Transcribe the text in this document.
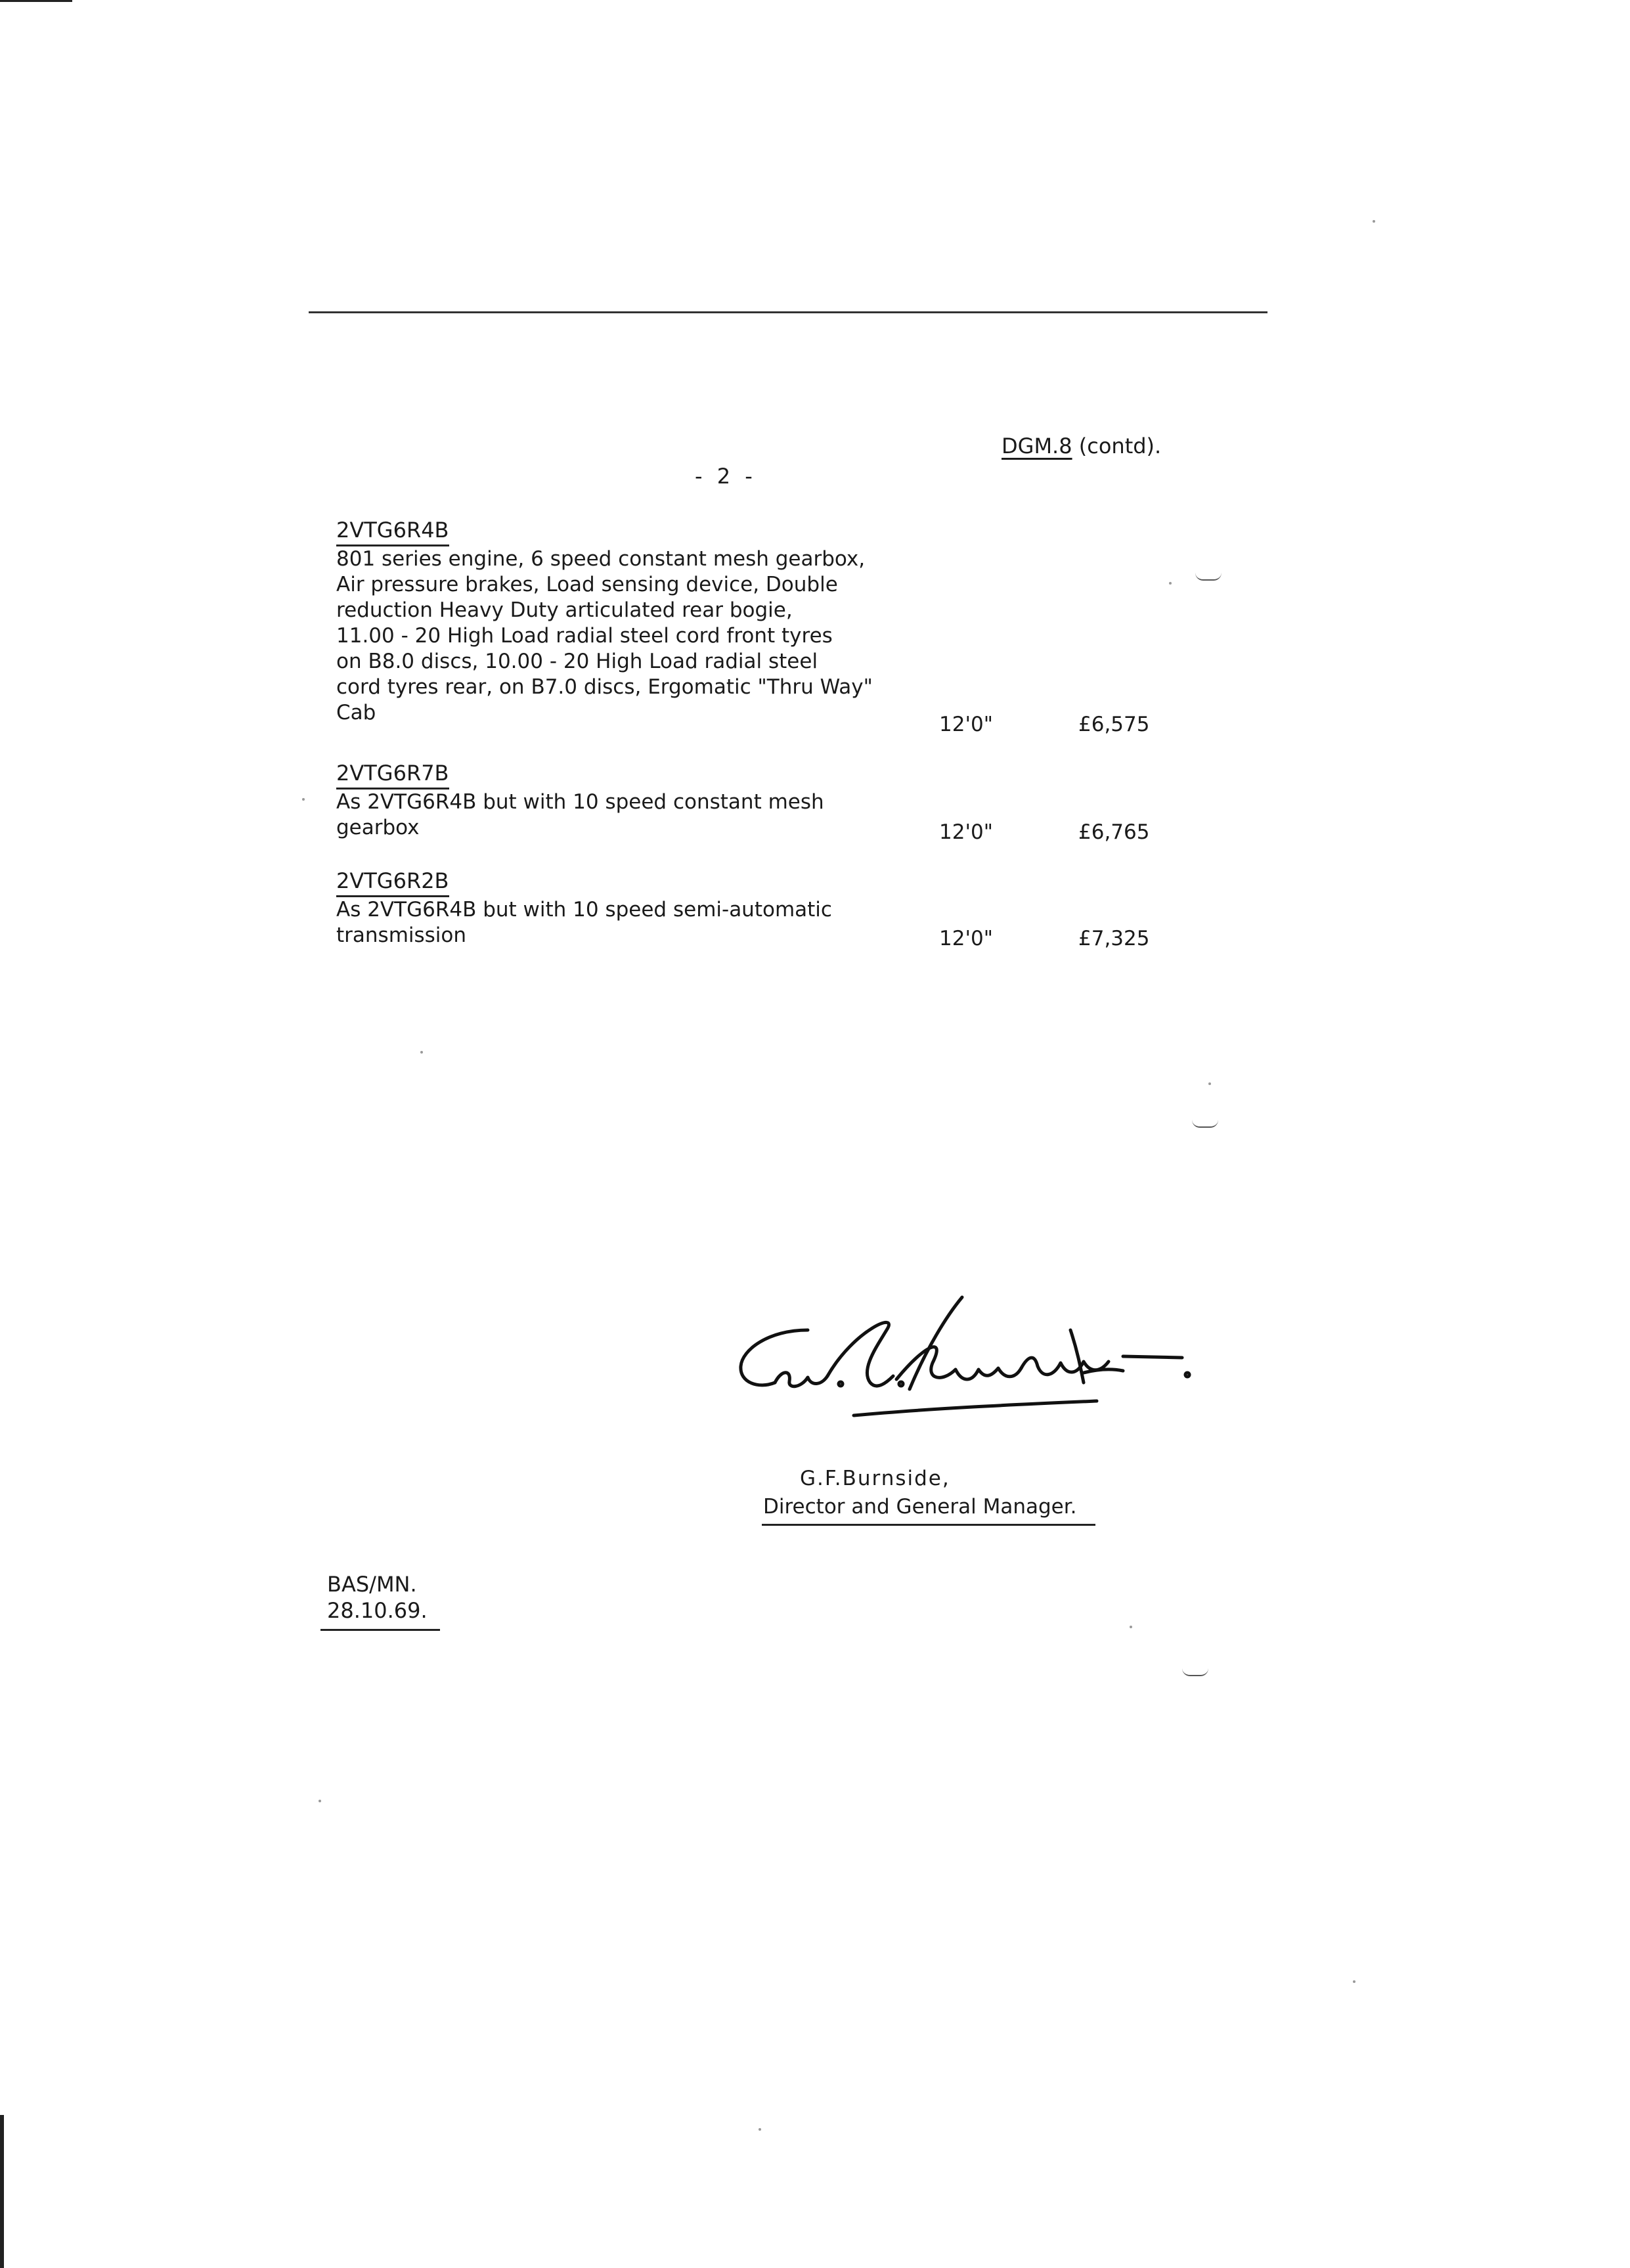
DGM.8 (contd).
- 2 -
2VTG6R4B
801 series engine, 6 speed constant mesh gearbox,
Air pressure brakes, Load sensing device, Double
reduction Heavy Duty articulated rear bogie,
11.00 - 20 High Load radial steel cord front tyres
on B8.0 discs, 10.00 - 20 High Load radial steel
cord tyres rear, on B7.0 discs, Ergomatic "Thru Way"
Cab	12'0"	£6,575
2VTG6R7B
As 2VTG6R4B but with 10 speed constant mesh
gearbox	12'0"	£6,765
2VTG6R2B
As 2VTG6R4B but with 10 speed semi-automatic
transmission	12'0"	£7,325
G.F.Burnside,
Director and General Manager.
BAS/MN.
28.10.69.
